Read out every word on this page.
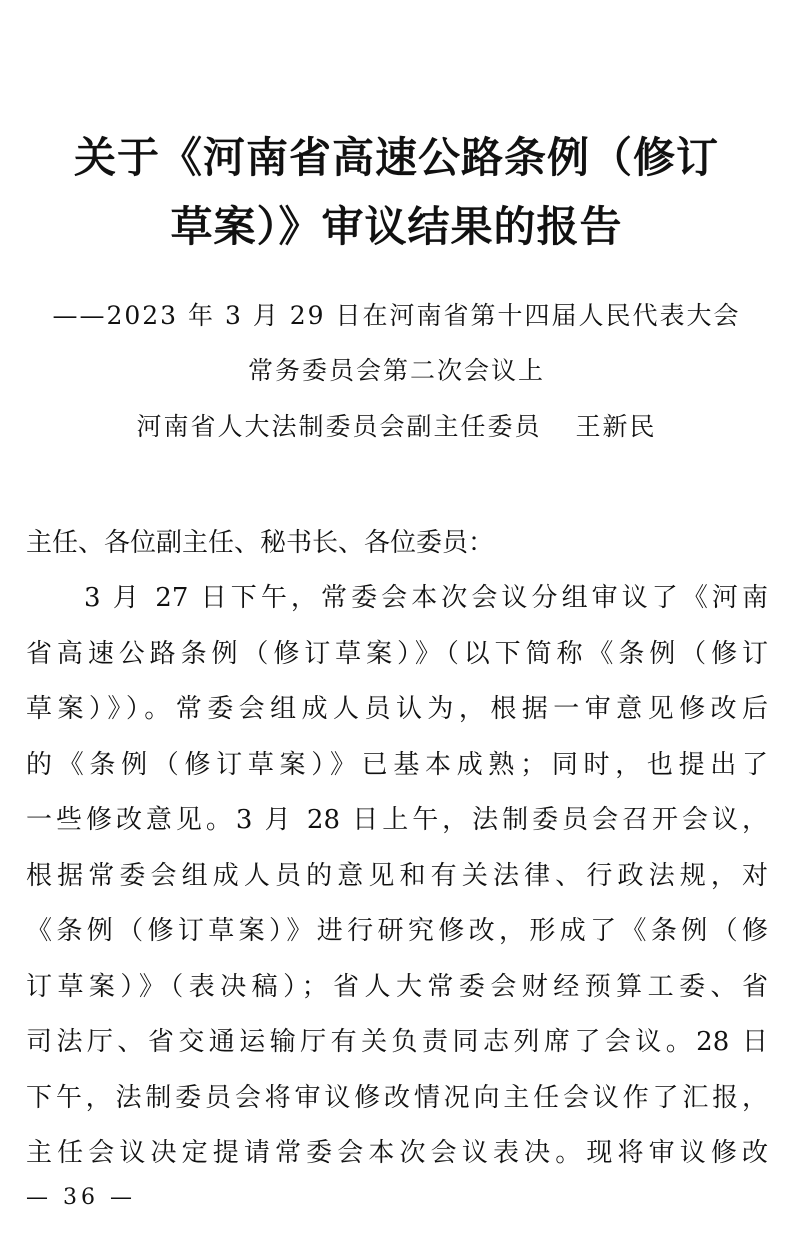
关于《河南省高速公路条例（修订
草案）》审议结果的报告
——2023 年 3 月 29 日在河南省第十四届人民代表大会
常务委员会第二次会议上
河南省人大法制委员会副主任委员 王新民
主任、各位副主任、秘书长、各位委员：
3 月 27 日下午，常委会本次会议分组审议了《河南
省高速公路条例（修订草案）》（以下简称《条例（修订
草案）》）。常委会组成人员认为，根据一审意见修改后
的《条例（修订草案）》已基本成熟；同时，也提出了
一些修改意见。3 月 28 日上午，法制委员会召开会议，
根据常委会组成人员的意见和有关法律、行政法规，对
《条例（修订草案）》进行研究修改，形成了《条例（修
订草案）》（表决稿）；省人大常委会财经预算工委、省
司法厅、省交通运输厅有关负责同志列席了会议。28 日
下午，法制委员会将审议修改情况向主任会议作了汇报，
主任会议决定提请常委会本次会议表决。现将审议修改
— 36 —
